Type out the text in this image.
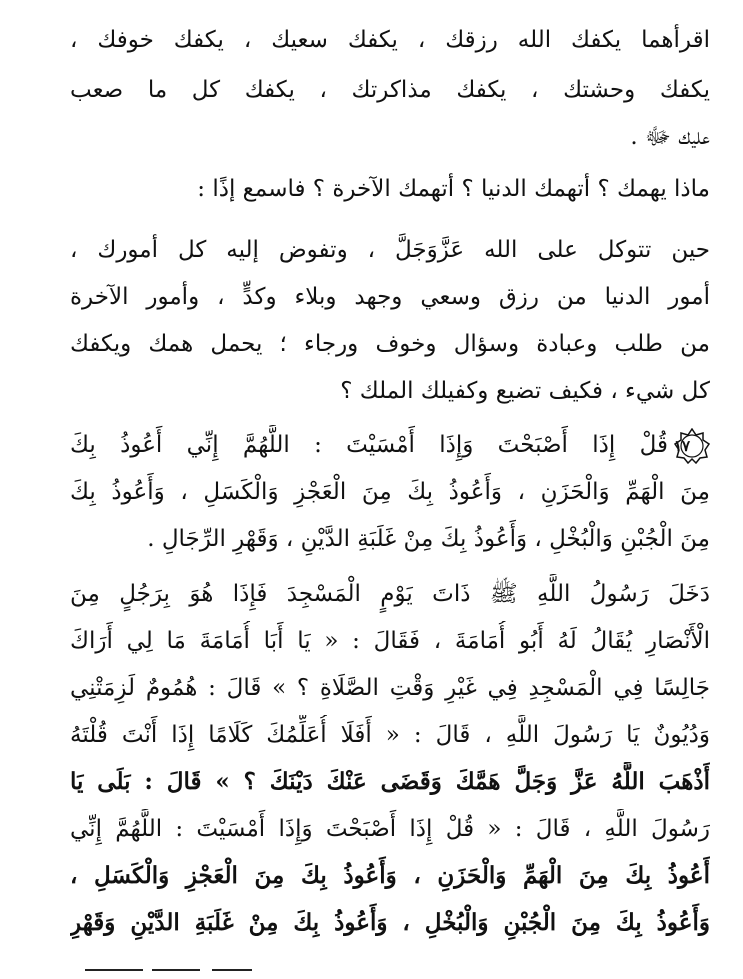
اقرأهما يكفك الله رزقك ، يكفك سعيك ، يكفك خوفك ،
يكفك وحشتك ، يكفك مذاكرتك ، يكفك كل ما صعب
عليك ﷻ .
ماذا يهمك ؟ أتهمك الدنيا ؟ أتهمك الآخرة ؟ فاسمع إذًا :
حين تتوكل على الله عَزَّوَجَلَّ ، وتفوض إليه كل أمورك ،
أمور الدنيا من رزق وسعي وجهد وبلاء وكدٍّ ، وأمور الآخرة
من طلب وعبادة وسؤال وخوف ورجاء ؛ يحمل همك ويكفك
كل شيء ، فكيف تضيع وكفيلك الملك ؟
١٧
قُلْ إِذَا أَصْبَحْتَ وَإِذَا أَمْسَيْتَ : اللَّهُمَّ إِنِّي أَعُوذُ بِكَ
مِنَ الْهَمِّ وَالْحَزَنِ ، وَأَعُوذُ بِكَ مِنَ الْعَجْزِ وَالْكَسَلِ ، وَأَعُوذُ بِكَ
مِنَ الْجُبْنِ وَالْبُخْلِ ، وَأَعُوذُ بِكَ مِنْ غَلَبَةِ الدَّيْنِ ، وَقَهْرِ الرِّجَالِ .
دَخَلَ رَسُولُ اللَّهِ ﷺ ذَاتَ يَوْمٍ الْمَسْجِدَ فَإِذَا هُوَ بِرَجُلٍ مِنَ
الْأَنْصَارِ يُقَالُ لَهُ أَبُو أُمَامَةَ ، فَقَالَ : « يَا أَبَا أُمَامَةَ مَا لِي أَرَاكَ
جَالِسًا فِي الْمَسْجِدِ فِي غَيْرِ وَقْتِ الصَّلَاةِ ؟ » قَالَ : هُمُومٌ لَزِمَتْنِي
وَدُيُونٌ يَا رَسُولَ اللَّهِ ، قَالَ : « أَفَلَا أُعَلِّمُكَ كَلَامًا إِذَا أَنْتَ قُلْتَهُ
أَذْهَبَ اللَّهُ عَزَّ وَجَلَّ هَمَّكَ وَقَضَى عَنْكَ دَيْنَكَ ؟ » قَالَ : بَلَى يَا
رَسُولَ اللَّهِ ، قَالَ : « قُلْ إِذَا أَصْبَحْتَ وَإِذَا أَمْسَيْتَ : اللَّهُمَّ إِنِّي
أَعُوذُ بِكَ مِنَ الْهَمِّ وَالْحَزَنِ ، وَأَعُوذُ بِكَ مِنَ الْعَجْزِ وَالْكَسَلِ ،
وَأَعُوذُ بِكَ مِنَ الْجُبْنِ وَالْبُخْلِ ، وَأَعُوذُ بِكَ مِنْ غَلَبَةِ الدَّيْنِ وَقَهْرِ
